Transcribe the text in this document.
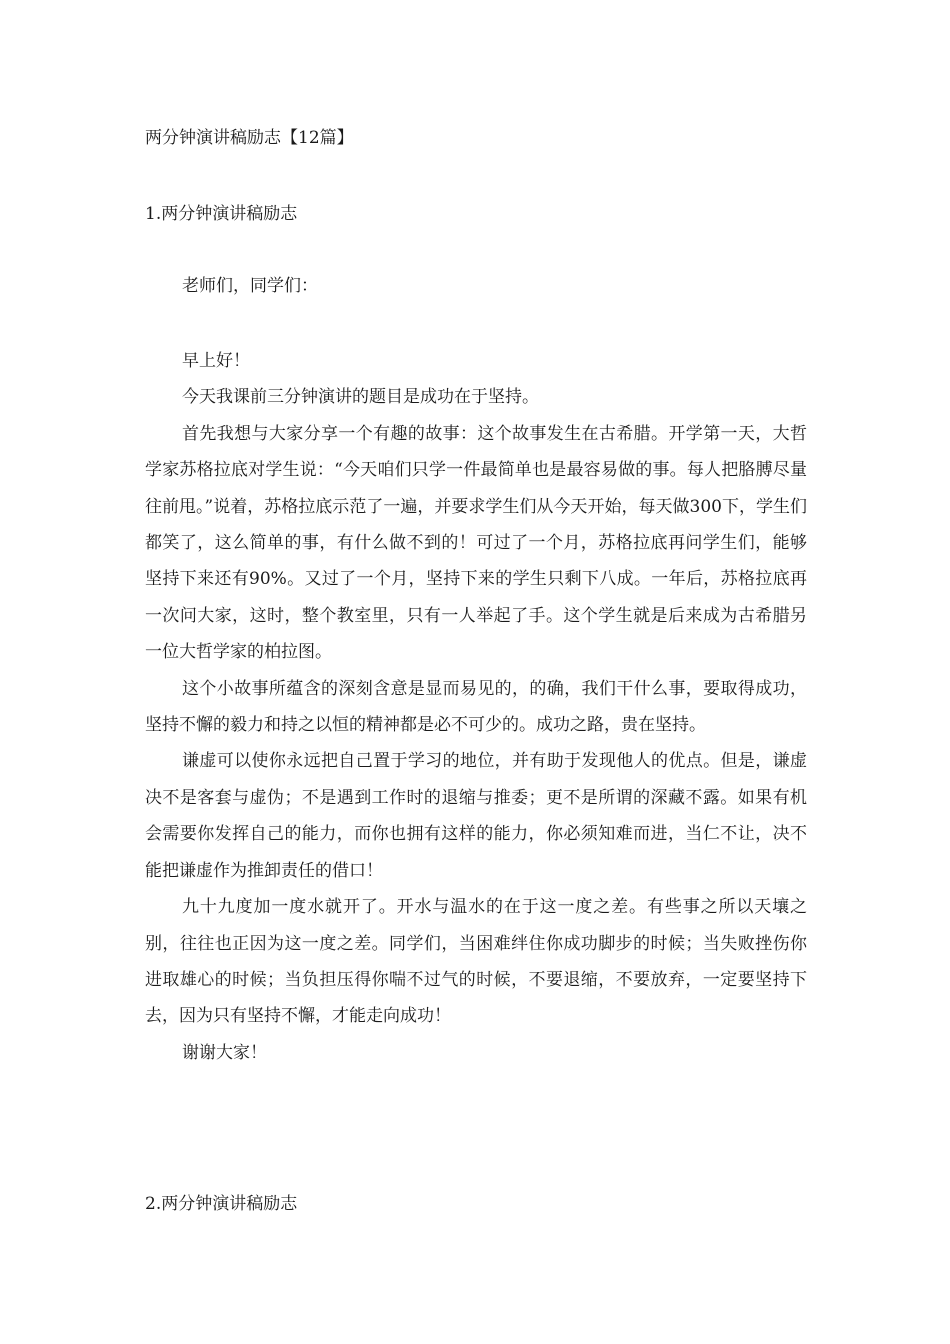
两分钟演讲稿励志【12篇】
1.两分钟演讲稿励志
老师们，同学们：

早上好！

今天我课前三分钟演讲的题目是成功在于坚持。

首先我想与大家分享一个有趣的故事：这个故事发生在古希腊。开学第一天，大哲学家苏格拉底对学生说：“今天咱们只学一件最简单也是最容易做的事。每人把胳膊尽量往前甩。”说着，苏格拉底示范了一遍，并要求学生们从今天开始，每天做300下，学生们都笑了，这么简单的事，有什么做不到的！可过了一个月，苏格拉底再问学生们，能够坚持下来还有90%。又过了一个月，坚持下来的学生只剩下八成。一年后，苏格拉底再一次问大家，这时，整个教室里，只有一人举起了手。这个学生就是后来成为古希腊另一位大哲学家的柏拉图。

这个小故事所蕴含的深刻含意是显而易见的，的确，我们干什么事，要取得成功，坚持不懈的毅力和持之以恒的精神都是必不可少的。成功之路，贵在坚持。

谦虚可以使你永远把自己置于学习的地位，并有助于发现他人的优点。但是，谦虚决不是客套与虚伪；不是遇到工作时的退缩与推委；更不是所谓的深藏不露。如果有机会需要你发挥自己的能力，而你也拥有这样的能力，你必须知难而进，当仁不让，决不能把谦虚作为推卸责任的借口！

九十九度加一度水就开了。开水与温水的在于这一度之差。有些事之所以天壤之别，往往也正因为这一度之差。同学们，当困难绊住你成功脚步的时候；当失败挫伤你进取雄心的时候；当负担压得你喘不过气的时候，不要退缩，不要放弃，一定要坚持下去，因为只有坚持不懈，才能走向成功！

谢谢大家！

2.两分钟演讲稿励志
